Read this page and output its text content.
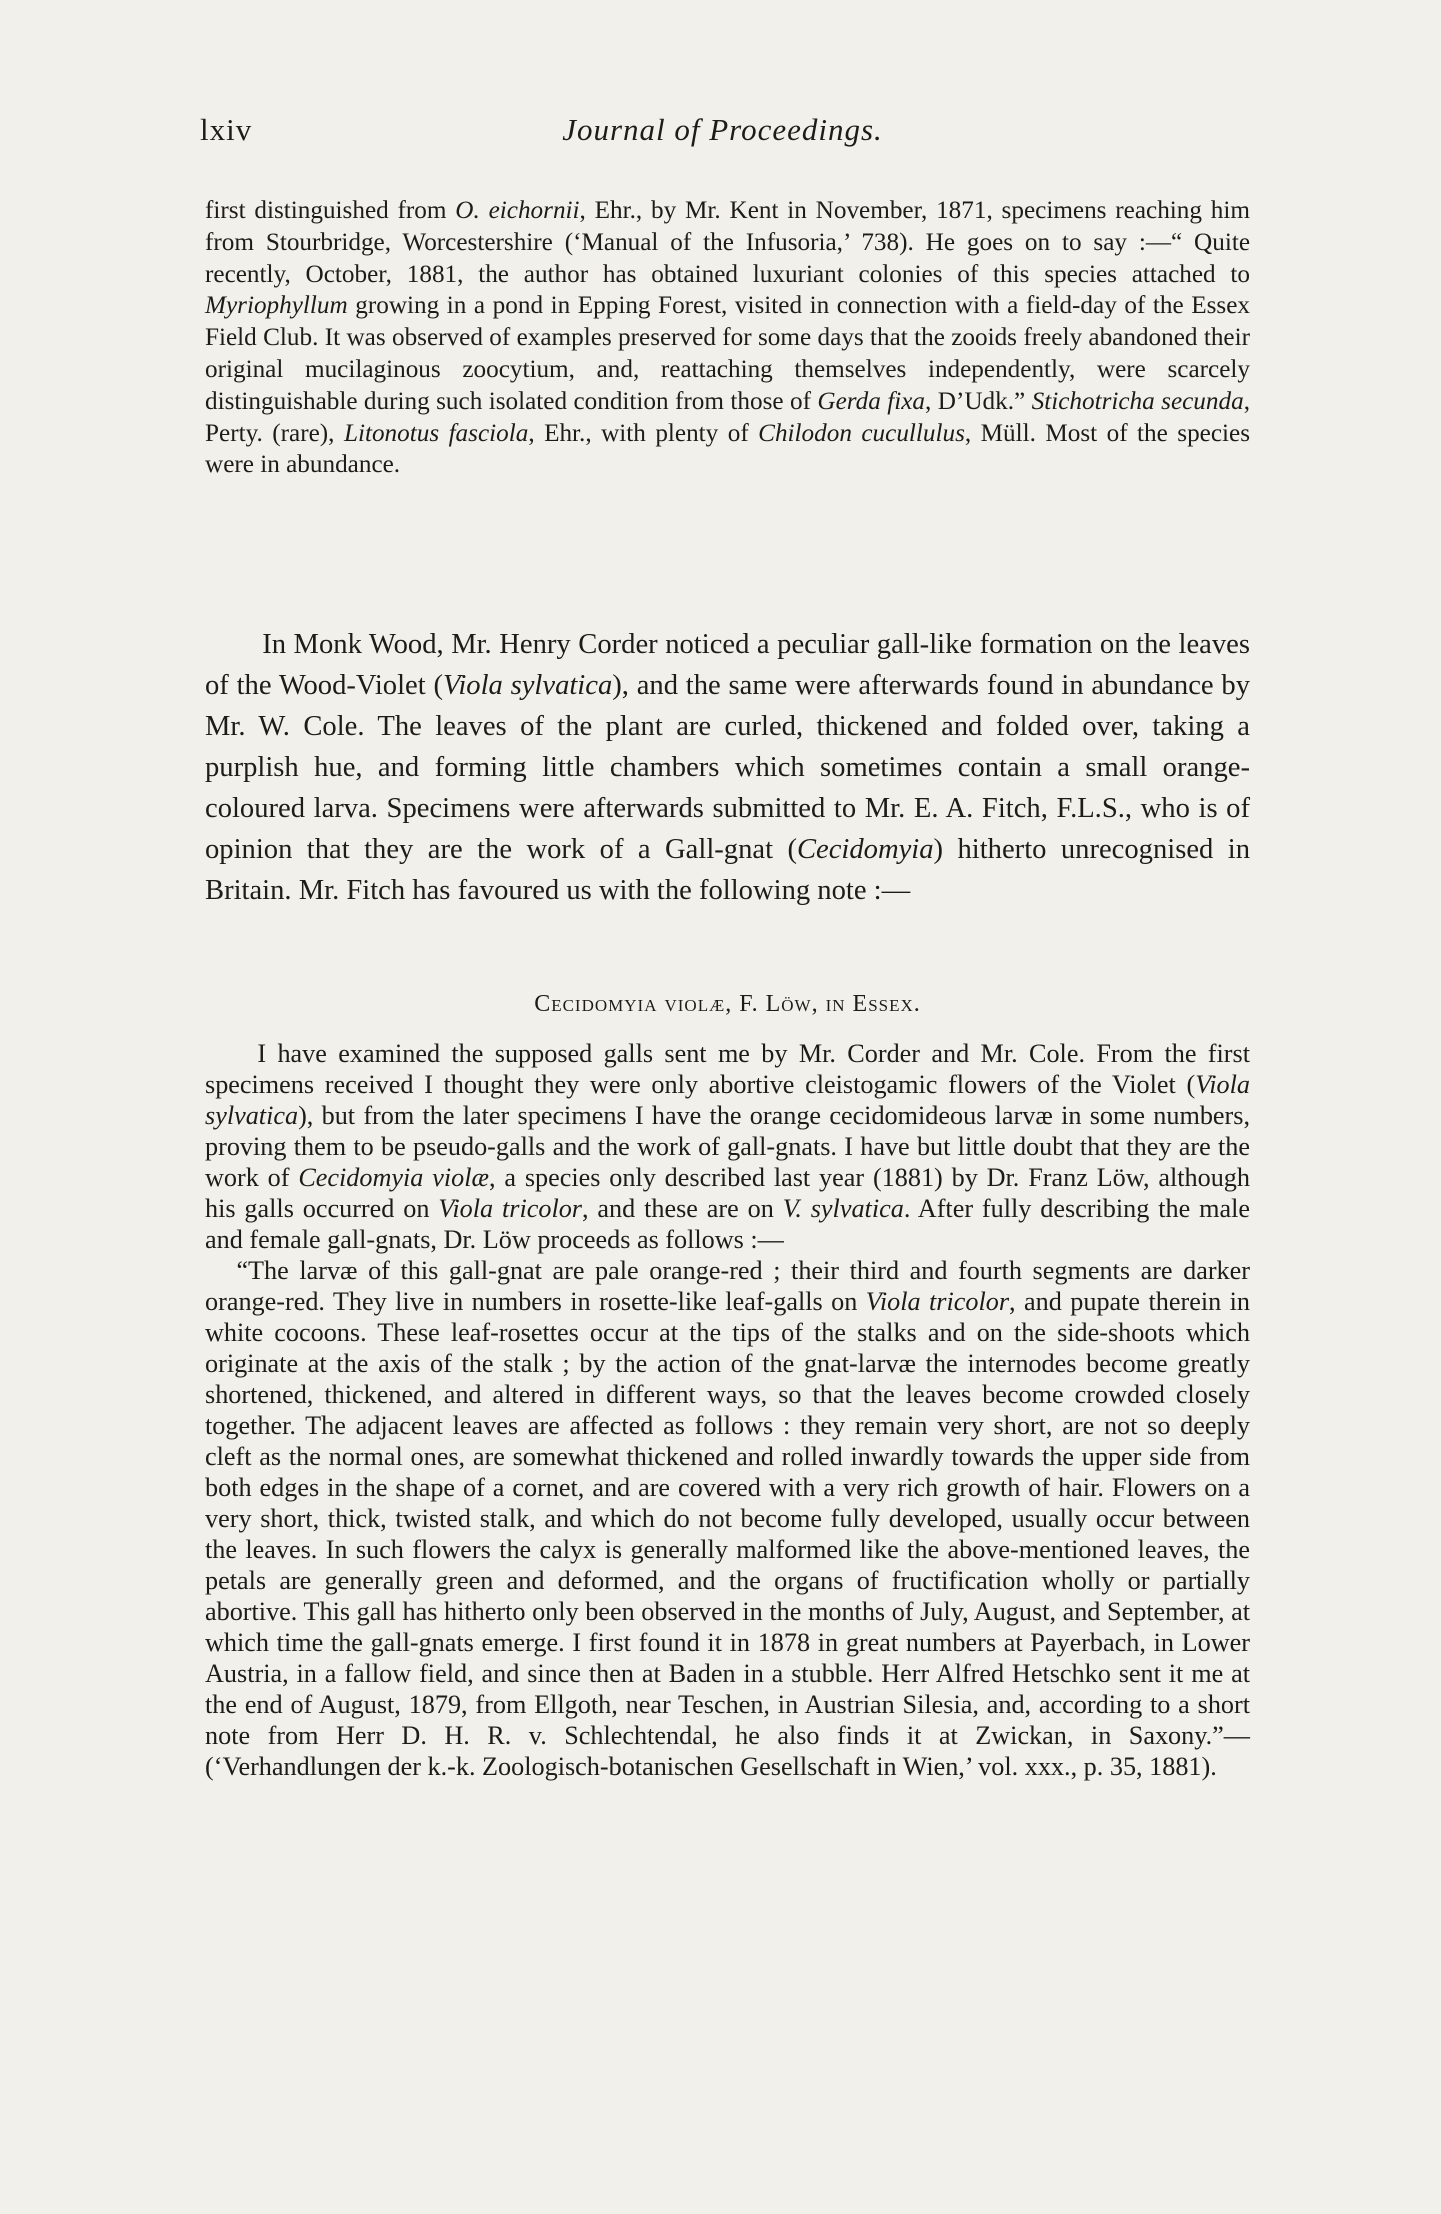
lxiv	Journal of Proceedings.

first distinguished from O. eichornii, Ehr., by Mr. Kent in November, 1871, specimens reaching him from Stourbridge, Worcestershire (‘Manual of the Infusoria,’ 738). He goes on to say :—“ Quite recently, October, 1881, the author has obtained luxuriant colonies of this species attached to Myriophyllum growing in a pond in Epping Forest, visited in connection with a field-day of the Essex Field Club. It was observed of examples preserved for some days that the zooids freely abandoned their original mucilaginous zoocytium, and, reattaching themselves independently, were scarcely distinguishable during such isolated condition from those of Gerda fixa, D’Udk.” Stichotricha secunda, Perty. (rare), Litonotus fasciola, Ehr., with plenty of Chilodon cucullulus, Müll. Most of the species were in abundance.

In Monk Wood, Mr. Henry Corder noticed a peculiar gall-like formation on the leaves of the Wood-Violet (Viola sylvatica), and the same were afterwards found in abundance by Mr. W. Cole. The leaves of the plant are curled, thickened and folded over, taking a purplish hue, and forming little chambers which sometimes contain a small orange-coloured larva. Specimens were afterwards submitted to Mr. E. A. Fitch, F.L.S., who is of opinion that they are the work of a Gall-gnat (Cecidomyia) hitherto unrecognised in Britain. Mr. Fitch has favoured us with the following note :—

Cecidomyia violæ, F. Löw, in Essex.

I have examined the supposed galls sent me by Mr. Corder and Mr. Cole. From the first specimens received I thought they were only abortive cleistogamic flowers of the Violet (Viola sylvatica), but from the later specimens I have the orange cecidomideous larvæ in some numbers, proving them to be pseudo-galls and the work of gall-gnats. I have but little doubt that they are the work of Cecidomyia violæ, a species only described last year (1881) by Dr. Franz Löw, although his galls occurred on Viola tricolor, and these are on V. sylvatica. After fully describing the male and female gall-gnats, Dr. Löw proceeds as follows :—

“The larvæ of this gall-gnat are pale orange-red ; their third and fourth segments are darker orange-red. They live in numbers in rosette-like leaf-galls on Viola tricolor, and pupate therein in white cocoons. These leaf-rosettes occur at the tips of the stalks and on the side-shoots which originate at the axis of the stalk ; by the action of the gnat-larvæ the internodes become greatly shortened, thickened, and altered in different ways, so that the leaves become crowded closely together. The adjacent leaves are affected as follows : they remain very short, are not so deeply cleft as the normal ones, are somewhat thickened and rolled inwardly towards the upper side from both edges in the shape of a cornet, and are covered with a very rich growth of hair. Flowers on a very short, thick, twisted stalk, and which do not become fully developed, usually occur between the leaves. In such flowers the calyx is generally malformed like the above-mentioned leaves, the petals are generally green and deformed, and the organs of fructification wholly or partially abortive. This gall has hitherto only been observed in the months of July, August, and September, at which time the gall-gnats emerge. I first found it in 1878 in great numbers at Payerbach, in Lower Austria, in a fallow field, and since then at Baden in a stubble. Herr Alfred Hetschko sent it me at the end of August, 1879, from Ellgoth, near Teschen, in Austrian Silesia, and, according to a short note from Herr D. H. R. v. Schlechtendal, he also finds it at Zwickan, in Saxony.”—(‘Verhandlungen der k.-k. Zoologisch-botanischen Gesellschaft in Wien,’ vol. xxx., p. 35, 1881).
